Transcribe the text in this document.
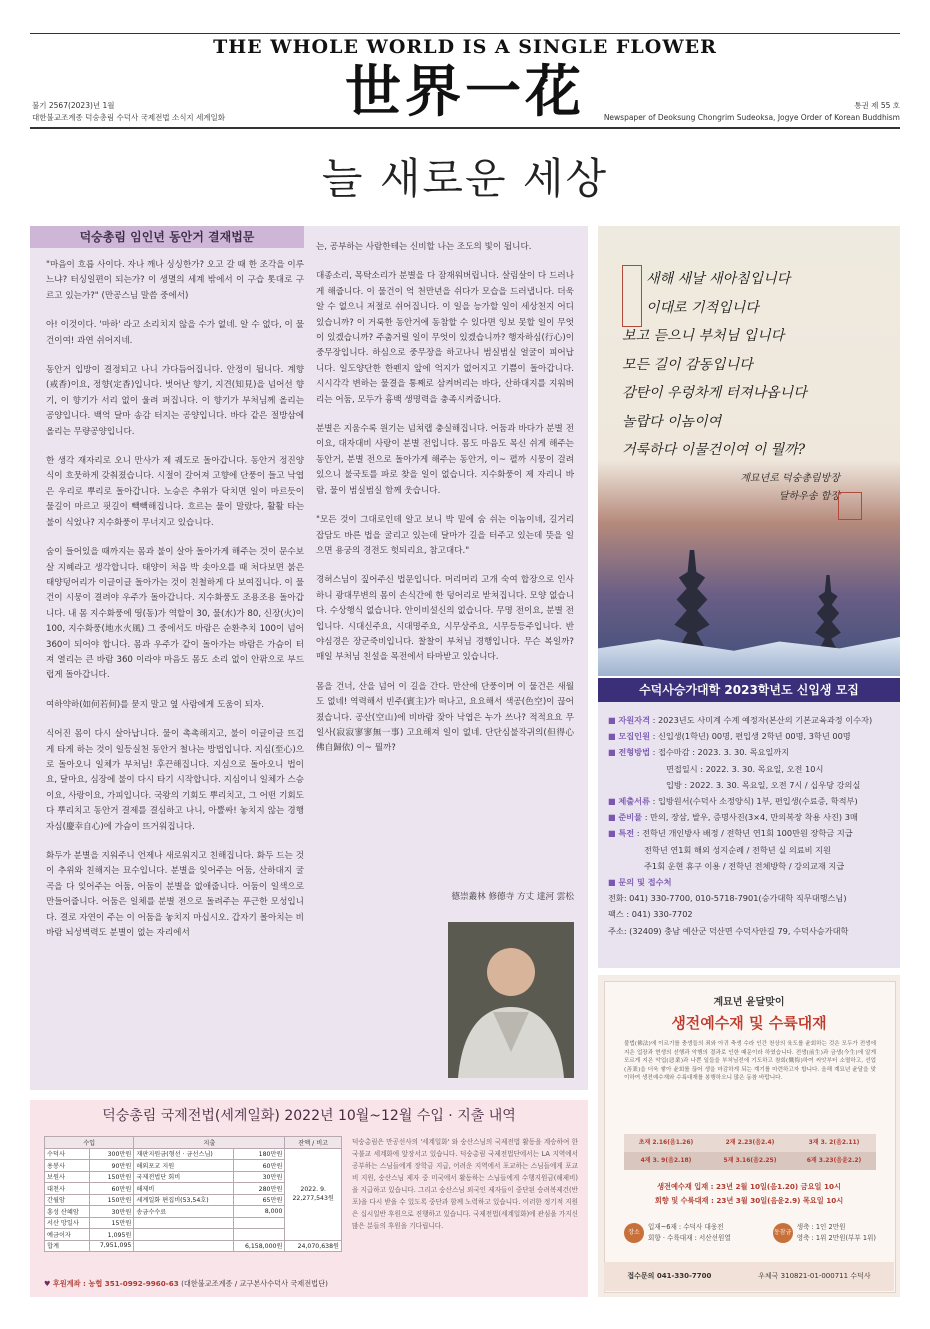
THE WHOLE WORLD IS A SINGLE FLOWER
世界一花
불기 2567(2023)년 1월
대한불교조계종 덕숭총림 수덕사 국제전법 소식지 세계일화
통권 제 55 호
Newspaper of Deoksung Chongrim Sudeoksa, Jogye Order of Korean Buddhism
늘 새로운 세상
덕숭총림 임인년 동안거 결재법문

"마음이 흐릅 사이다. 자나 깨나 싱싱한가? 오고 갈 때 한 조각을 이루느냐? 터싱일편이 되는가? 이 생멸의 세계 밖에서 이 구습 톳대로 구르고 있는가?" (만공스님 말씀 중에서)

아! 이것이다. '마하' 라고 소리치지 않을 수가 없네. 알 수 없다, 이 물건이여! 과연 쉬어지네.

동안거 입방이 결정되고 나니 가다듬어집니다. 안정이 됩니다. 계향(戒香)이요, 정향(定香)입니다. 벗어난 향기, 지견(知見)을 넘어선 향기, 이 향기가 서리 없이 울려 퍼집니다. 이 향기가 부처님께 올리는 공양입니다. 백억 달마 송감 터지는 공양입니다. 바다 같은 절방삼에 올리는 무량공양입니다.

한 생각 재자리로 오니 만사가 제 궤도로 돌아갑니다. 동안거 정진양식이 흐뭇하게 갖춰졌습니다. 시절이 갈어져 고향에 단풍이 들고 낙엽은 우리로 뿌리로 돌아갑니다. 노승은 추위가 닥치면 일이 마르듯이 물길이 마르고 핏길이 빽빽해집니다. 흐르는 물이 말랐다, 활활 타는 불이 식었나? 지수화풍이 무너지고 있습니다.

숨이 들어있을 때까지는 몸과 불이 살아 돌아가게 해주는 것이 문수보살 지혜라고 생각합니다. 태양이 처음 박 솟아오를 때 처다보면 붉은 태양덩어리가 이글이글 돌아가는 것이 친철하게 다 보여집니다. 이 물건이 시뭉이 결려야 우주가 돌아갑니다. 지수화풍도 조용조용 돌아갑니다. 내 몸 지수화풍에 띵(동)가 역할이 30, 물(水)가 80, 신장(火)이 100, 지수화풍(地水火風) 그 중에서도 바람은 순환추치 100이 넘어 360이 되어야 합니다. 몸과 우주가 같이 돌아가는 바람은 가슴이 터져 열리는 큰 바람 360 이라야 마음도 몸도 소리 없이 안팎으로 부드럽게 돌아갑니다.

여하약하(如何若何)를 묻지 말고 옆 사람에게 도움이 되자.

식어진 몸이 다시 살아납니다. 물이 촉촉해지고, 불이 이글이글 뜨겁게 타게 하는 것이 일등실천 동안거 철나는 방법입니다. 지심(至心)으로 돌아오니 일체가 부처님! 후끈해집니다. 지심으로 돌아오니 법이요, 달마요, 심장에 불이 다시 타기 시작합니다. 지심이니 일체가 스승이요, 사랑이요, 가피입니다. 국왕의 기회도 뿌리치고, 그 어떤 기회도 다 뿌리치고 동안거 결제를 결심하고 나니, 아뿔싸! 놓치지 않는 경행자심(慶幸自心)에 가슴이 뜨거워집니다.

화두가 분별을 지워주니 언제나 새로워지고 친해집니다. 화두 드는 것이 추위와 친해지는 묘수입니다. 분별을 잊어주는 어둠, 산하대지 굴곡을 다 잊어주는 어둠, 어둠이 분별을 없애줍니다. 어둠이 일색으로 만들어줍니다. 어둠은 일체를 분별 전으로 돌려주는 푸근한 모성입니다. 결로 자연이 주는 이 어둠을 놓치지 마십시오. 갑자기 몰아치는 비바람 뇌성벽력도 분별이 없는 자리에서

는, 공부하는 사람한테는 신비할 나는 조도의 빛이 됩니다.

대종소리, 목탁소리가 분별을 다 잠재워버립니다. 살림살이 다 드러나게 해줍니다. 이 물건이 억 천만년을 쉬다가 모습을 드러냅니다. 더욱 알 수 없으니 저절로 쉬어집니다. 이 일을 능가할 일이 세상천지 어디 있습니까? 이 거룩한 동안거에 동참할 수 있다면 잉보 못할 일이 무엇이 있겠습니까? 주춤거릴 일이 무엇이 있겠습니까? 행자하심(行心)이 중무장입니다. 하심으로 중무장을 하고나니 범실범실 얼굴이 피어납니다. 일도양단한 한펜지 앞에 억지가 없어지고 기쁨이 돌아갑니다. 시시각각 변하는 물결을 통째로 삼켜버리는 바다, 산하대지를 지워버리는 어둠, 모두가 흉백 생명력을 충족시켜줍니다.

분별은 지움수록 원기는 넘쳐랩 충실해집니다. 어둠과 바다가 분별 전이요, 대자대비 사랑이 분별 전입니다. 몸도 마음도 목신 쉬게 해주는 동안거, 분별 전으로 돌아가게 해주는 동안거, 이~ 펼까 시뭉이 걸려있으니 불국토를 파로 찾을 일이 없습니다. 지수화풍이 제 자리니 바람, 물이 범실범실 함께 웃습니다.

"모든 것이 그대로인데 알고 보니 박 밑에 숨 쉬는 이놈이네, 길거리 잡담도 바른 법을 굴리고 있는데 달마가 길을 터주고 있는데 뜻을 일으면 용궁의 경전도 헛되리요, 참고대다."

경허스님이 짚어주신 법문입니다. 머리머리 고개 숙여 합장으로 인사하니 광대무변의 몸이 손식간에 한 덩어리로 받쳐집니다. 모양 없습니다. 수상행식 없습니다. 안이비설신의 없습니다. 무명 전이요, 분별 전입니다. 시대신주요, 시대명주요, 시무상주요, 시무등등주입니다. 반야심경은 장군죽비입니다. 찰찰이 부처님 경행입니다. 무슨 복일까? 매일 부처님 친설을 목전에서 타마받고 있습니다.

몸을 건너, 산을 넘어 이 길을 간다. 만산에 단풍이며 이 물건은 새월도 없네! 역력해서 빈주(賓主)가 떠나고, 요요해서 색공(色空)이 끊어졌습니다. 공산(空山)에 비바람 잦아 낙엽은 누가 쓰나? 적적요요 무일사(寂寂寥寥無一事) 고요해져 일이 없네. 단단심불작귀의(但得心佛自歸依) 이~ 뭘까?

德崇叢林 修德寺 方丈 達河 雲松
새해 새날 새아침입니다
이대로 기적입니다
보고 듣으니 부처님 입니다
모든 길이 감동입니다
감탄이 우렁차게 터져나옵니다
놀랍다 이놈이여
거룩하다 이물건이여 이 뭘까?
계묘년로 덕숭총림방장
달하우송 합장
수덕사승가대학 2023학년도 신입생 모집
■ 자원자격 : 2023년도 사미계 수계 예정자(본산의 기본교육과정 이수자)
■ 모집인원 : 신입생(1학년) 00명, 편입생 2학년 00명, 3학년 00명
■ 전형방법 : 접수마감 : 2023. 3. 30. 목요일까지
면접일시 : 2022. 3. 30. 목요일, 오전 10시
입방 : 2022. 3. 30. 목요일, 오전 7시 / 십우당 강의실
■ 제출서류 : 입방원서(수덕사 소정양식) 1부, 편입생(수료증, 학적부)
■ 준비물 : 만의, 장삼, 발우, 증명사진(3×4, 만의복장 착용 사진) 3매
■ 특전 : 전학년 개인방사 배정 / 전학년 연1회 100만원 장학금 지급
전학년 연1회 해외 성지순례 / 전학년 실 의료비 지원
주1회 운현 휴구 이용 / 전학년 전체방학 / 강의교재 지급
■ 문의 및 접수처
전화: 041) 330-7700, 010-5718-7901(승가대학 직무대행스님)
팩스 : 041) 330-7702
주소: (32409) 충남 예산군 덕산면 수덕사안길 79, 수덕사승가대학
계묘년 윤달맞이
생전예수재 및 수륙대재
불법(佛法)에 이르기를 충생들의 죄와 아귀 축생 수라 인간 천상의 육도를 윤회하는 것은 모두가 전생에 지은 업장과 현생의 선행과 악행의 결과로 인한 때문이라 하였습니다. 전생(前生)과 금생(今生)에 알게 모르게 지은 악업(惡業)과 나쁜 일들을 부처님전에 기도하고 참회(懺悔)하여 씨앗부터 소멸하고, 선업(善業)을 더욱 쌓아 윤회를 끊어 생을 마감하게 되는 계기를 마련하고자 합니다. 올해 계묘년 윤달을 맞이하여 생전예수재와 수륙대재를 봉행하오니 많은 동참 바랍니다.
초재 2.16(음1.26)	2재 2.23(음2.4)	3재 3. 2(음2.11)
4재 3. 9(음2.18)	5재 3.16(음2.25)	6재 3.23(음윤2.2)
생전예수재 입재 : 23년 2월 10일(음1.20) 금요일 10시
회향 및 수륙대재 : 23년 3월 30일(음윤2.9) 목요일 10시
장소
입재~6재 : 수덕사 대웅전
회향 · 수륙대재 : 서산선원열
동참금
생축 : 1인 2만원
영축 : 1위 2만원(부부 1위)
접수문의 041-330-7700	우체국 310821-01-000711 수덕사
덕숭총림 국제전법(세계일화) 2022년 10월~12월 수입 · 지출 내역
수입		지출		잔액 / 비고
수덕사	300만원	재판지원금(형선 · 금선스님)	180만원	2022. 9.
22,277,543원

용봉사	90만원	해외포교 지원	60만원	
보원사	150만원	국제전법단 회비	30만원	
대천사	60만원	해제비	280만원	
간월암	150만원	세계일화 편집비(53,54호)	65만원	
흥성 산혜암	30만원	송금수수료	8,000	
서산 망일사	15만원			
예금이자	1,095원			
합계	7,951,095		6,158,000원	24,070,638원
덕숭총림은 만공선사의 '세계일화' 와 숭산스님의 국제전법 활동을 계승하여 한국불교 세계화에 앞장서고 있습니다. 덕숭총림 국제전법단에서는 LA 지역에서 공부하는 스님들에게 장학금 지급, 어려운 지역에서 포교하는 스님들에게 포교비 지원, 숭산스님 제자 중 미국에서 활동하는 스님들에게 수행지원금(해제비)을 지급하고 있습니다. 그리고 숭산스님 외국인 제자들이 중단된 승려복제건(반포)을 다시 받을 수 있도록 중단과 함께 노력하고 있습니다. 이러한 정기적 지원은 십시일반 후원으로 진행하고 있습니다. 국제전법(세계일화)에 관심을 가지신 많은 분들의 후원을 기다립니다.
♥ 후원계좌 : 농협 351-0992-9960-63 (대한불교조계종 / 교구본사수덕사 국제전법단)
